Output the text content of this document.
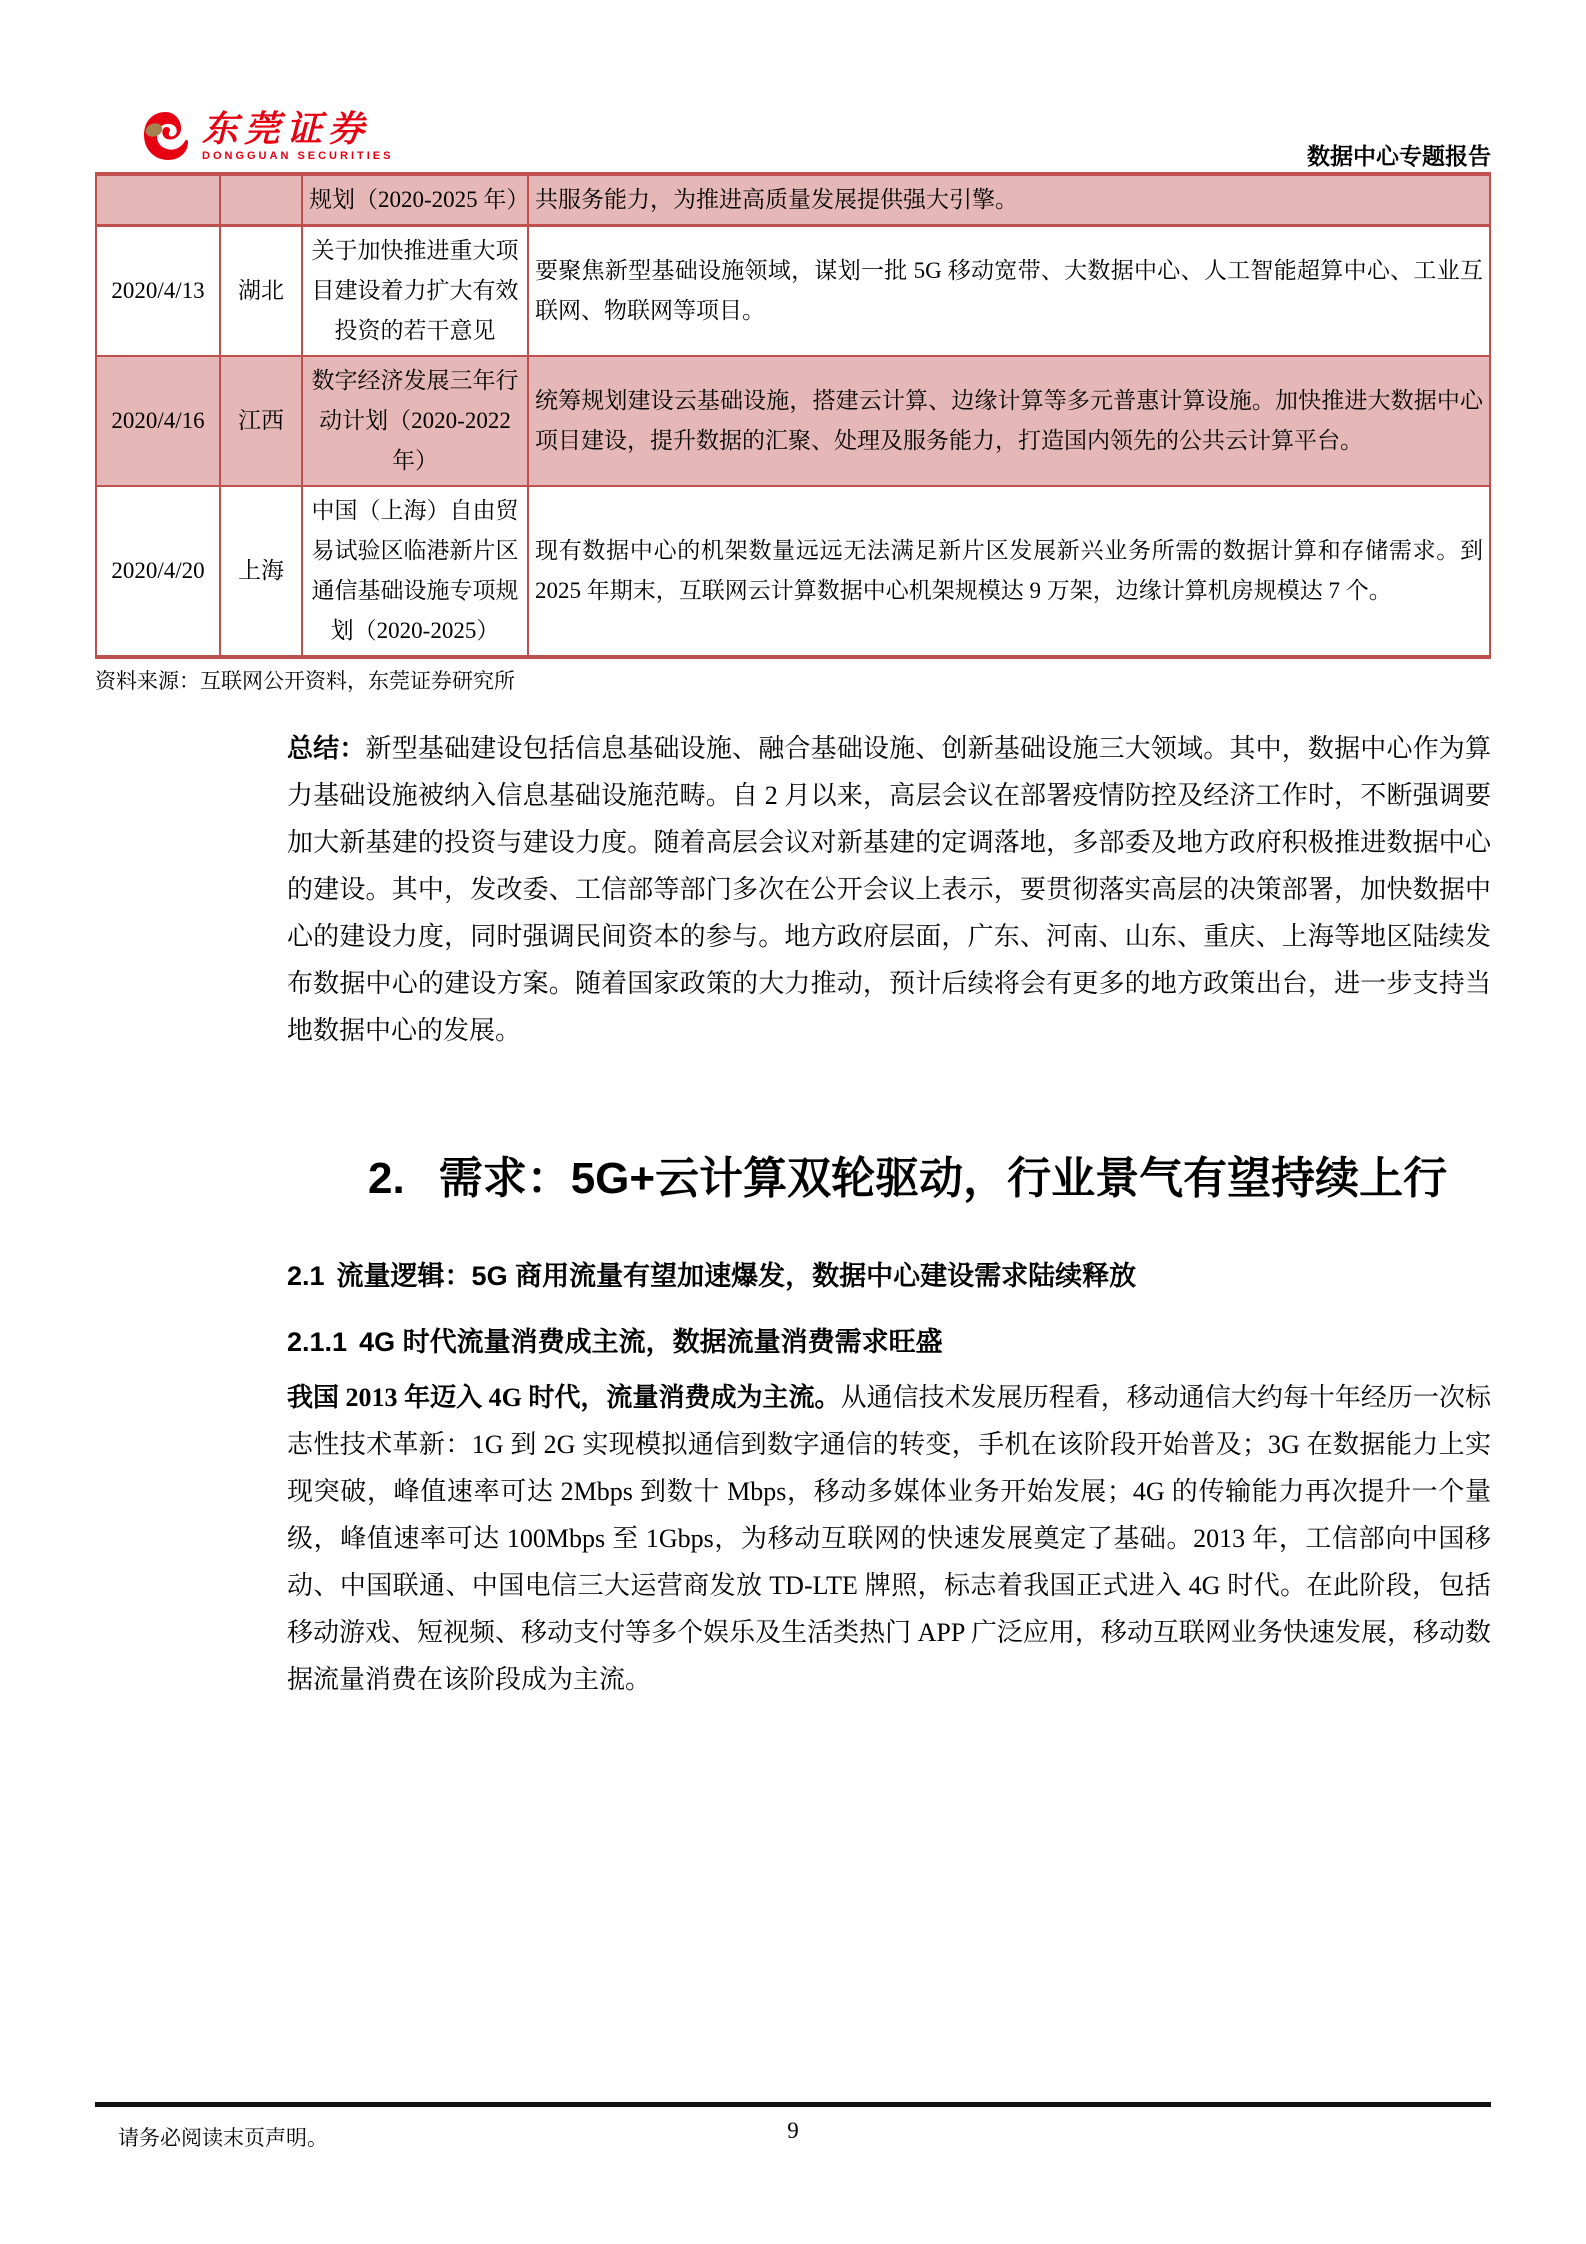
东莞证券
DONGGUAN SECURITIES	数据中心专题报告
		规划（2020-2025 年）	共服务能力，为推进高质量发展提供强大引擎。
2020/4/13	湖北	关于加快推进重大项目建设着力扩大有效投资的若干意见	要聚焦新型基础设施领域，谋划一批 5G 移动宽带、大数据中心、人工智能超算中心、工业互联网、物联网等项目。
2020/4/16	江西	数字经济发展三年行动计划（2020-2022 年）	统筹规划建设云基础设施，搭建云计算、边缘计算等多元普惠计算设施。加快推进大数据中心项目建设，提升数据的汇聚、处理及服务能力，打造国内领先的公共云计算平台。
2020/4/20	上海	中国（上海）自由贸易试验区临港新片区通信基础设施专项规划（2020-2025）	现有数据中心的机架数量远远无法满足新片区发展新兴业务所需的数据计算和存储需求。到 2025 年期末，互联网云计算数据中心机架规模达 9 万架，边缘计算机房规模达 7 个。
资料来源：互联网公开资料，东莞证券研究所

总结：新型基础建设包括信息基础设施、融合基础设施、创新基础设施三大领域。其中，数据中心作为算力基础设施被纳入信息基础设施范畴。自 2 月以来，高层会议在部署疫情防控及经济工作时，不断强调要加大新基建的投资与建设力度。随着高层会议对新基建的定调落地，多部委及地方政府积极推进数据中心的建设。其中，发改委、工信部等部门多次在公开会议上表示，要贯彻落实高层的决策部署，加快数据中心的建设力度，同时强调民间资本的参与。地方政府层面，广东、河南、山东、重庆、上海等地区陆续发布数据中心的建设方案。随着国家政策的大力推动，预计后续将会有更多的地方政策出台，进一步支持当地数据中心的发展。

2. 需求：5G+云计算双轮驱动，行业景气有望持续上行
2.1 流量逻辑：5G 商用流量有望加速爆发，数据中心建设需求陆续释放
2.1.1 4G 时代流量消费成主流，数据流量消费需求旺盛

我国 2013 年迈入 4G 时代，流量消费成为主流。从通信技术发展历程看，移动通信大约每十年经历一次标志性技术革新：1G 到 2G 实现模拟通信到数字通信的转变，手机在该阶段开始普及；3G 在数据能力上实现突破，峰值速率可达 2Mbps 到数十 Mbps，移动多媒体业务开始发展；4G 的传输能力再次提升一个量级，峰值速率可达 100Mbps 至 1Gbps，为移动互联网的快速发展奠定了基础。2013 年，工信部向中国移动、中国联通、中国电信三大运营商发放 TD-LTE 牌照，标志着我国正式进入 4G 时代。在此阶段，包括移动游戏、短视频、移动支付等多个娱乐及生活类热门 APP 广泛应用，移动互联网业务快速发展，移动数据流量消费在该阶段成为主流。

请务必阅读末页声明。	9
